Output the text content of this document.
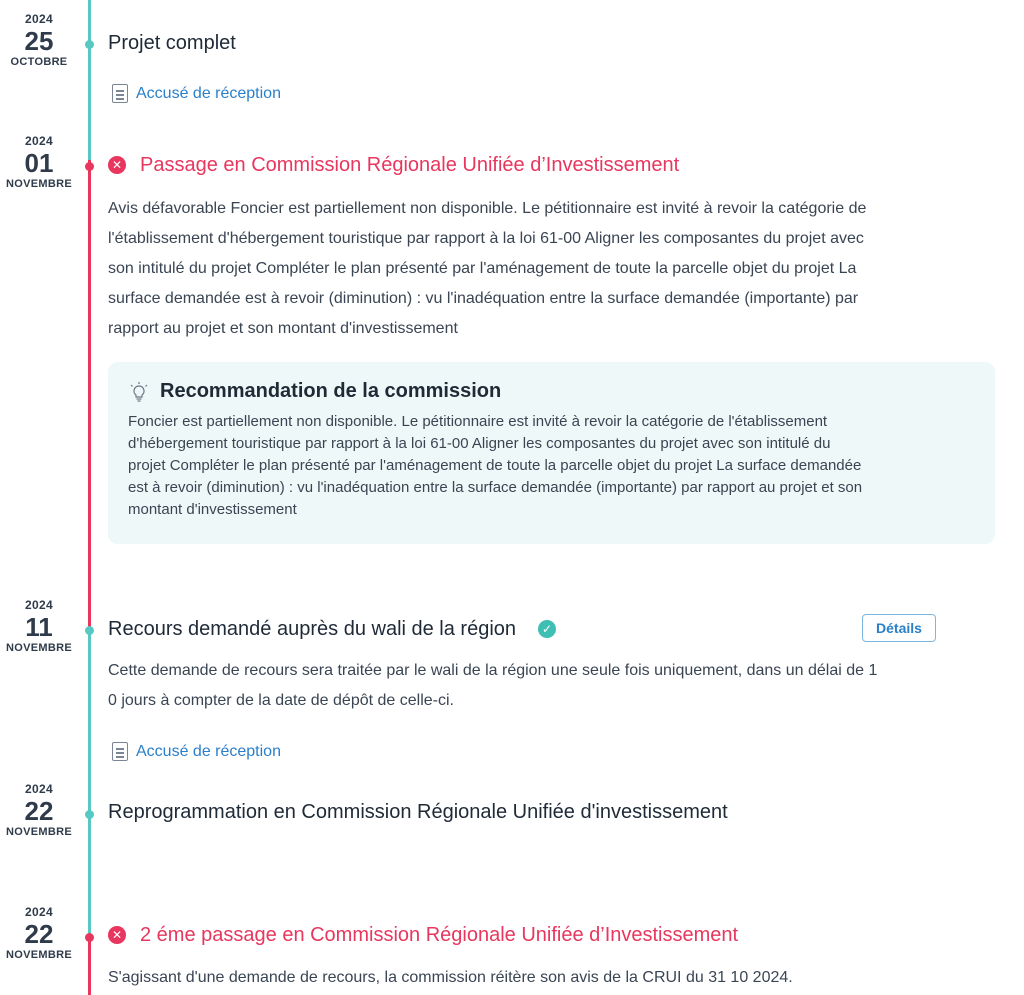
2024
25
OCTOBRE
Projet complet
Accusé de réception
2024
01
NOVEMBRE
✕ Passage en Commission Régionale Unifiée d’Investissement
Avis défavorable Foncier est partiellement non disponible. Le pétitionnaire est invité à revoir la catégorie de
l'établissement d'hébergement touristique par rapport à la loi 61-00 Aligner les composantes du projet avec
son intitulé du projet Compléter le plan présenté par l'aménagement de toute la parcelle objet du projet La
surface demandée est à revoir (diminution) : vu l'inadéquation entre la surface demandée (importante) par
rapport au projet et son montant d'investissement
Recommandation de la commission
Foncier est partiellement non disponible. Le pétitionnaire est invité à revoir la catégorie de l'établissement
d'hébergement touristique par rapport à la loi 61-00 Aligner les composantes du projet avec son intitulé du
projet Compléter le plan présenté par l'aménagement de toute la parcelle objet du projet La surface demandée
est à revoir (diminution) : vu l'inadéquation entre la surface demandée (importante) par rapport au projet et son
montant d'investissement
2024
11
NOVEMBRE
Recours demandé auprès du wali de la région ✓	Détails
Cette demande de recours sera traitée par le wali de la région une seule fois uniquement, dans un délai de 1
0 jours à compter de la date de dépôt de celle-ci.
Accusé de réception
2024
22
NOVEMBRE
Reprogrammation en Commission Régionale Unifiée d'investissement
2024
22
NOVEMBRE
✕ 2 éme passage en Commission Régionale Unifiée d’Investissement
S'agissant d'une demande de recours, la commission réitère son avis de la CRUI du 31 10 2024.
